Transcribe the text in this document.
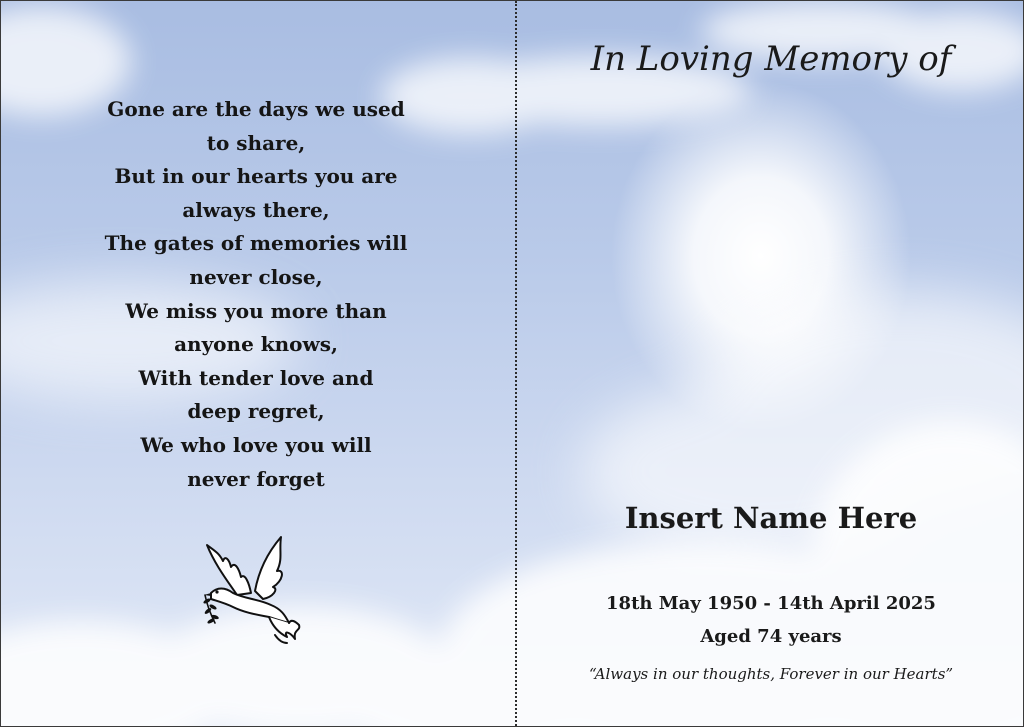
Gone are the days we used
to share,
But in our hearts you are
always there,
The gates of memories will
never close,
We miss you more than
anyone knows,
With tender love and
deep regret,
We who love you will
never forget
In Loving Memory of
Insert Name Here
18th May 1950 - 14th April 2025
Aged 74 years
“Always in our thoughts, Forever in our Hearts”
